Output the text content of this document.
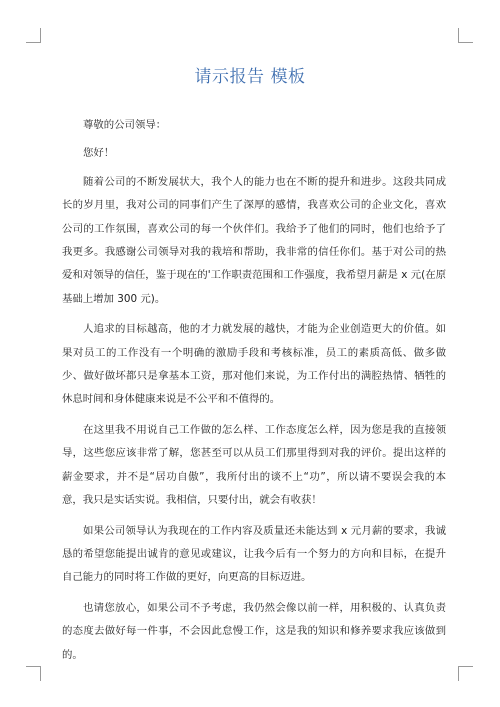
请示报告 模板

尊敬的公司领导：

您好！

随着公司的不断发展状大，我个人的能力也在不断的提升和进步。这段共同成长的岁月里，我对公司的同事们产生了深厚的感情，我喜欢公司的企业文化，喜欢公司的工作氛围，喜欢公司的每一个伙伴们。我给予了他们的同时，他们也给予了我更多。我感谢公司领导对我的栽培和帮助，我非常的信任你们。基于对公司的热爱和对领导的信任，鉴于现在的'工作职责范围和工作强度，我希望月薪是 x 元(在原基础上增加 300 元)。

人追求的目标越高，他的才力就发展的越快，才能为企业创造更大的价值。如果对员工的工作没有一个明确的激励手段和考核标准，员工的素质高低、做多做少、做好做坏都只是拿基本工资，那对他们来说，为工作付出的满腔热情、牺牲的休息时间和身体健康来说是不公平和不值得的。

在这里我不用说自己工作做的怎么样、工作态度怎么样，因为您是我的直接领导，这些您应该非常了解，您甚至可以从员工们那里得到对我的评价。提出这样的薪金要求，并不是“居功自傲”，我所付出的谈不上“功”，所以请不要误会我的本意，我只是实话实说。我相信，只要付出，就会有收获！

如果公司领导认为我现在的工作内容及质量还未能达到 x 元月薪的要求，我诚恳的希望您能提出诚肯的意见或建议，让我今后有一个努力的方向和目标，在提升自己能力的同时将工作做的更好，向更高的目标迈进。

也请您放心，如果公司不予考虑，我仍然会像以前一样，用积极的、认真负责的态度去做好每一件事，不会因此怠慢工作，这是我的知识和修养要求我应该做到的。
